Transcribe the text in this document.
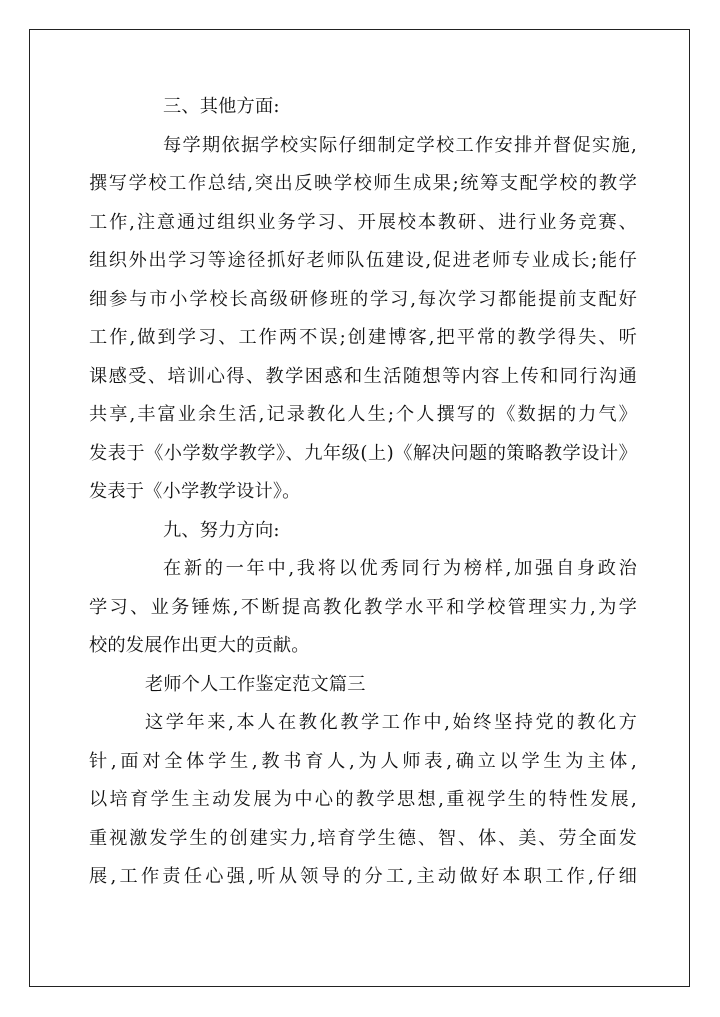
三、其他方面:
每学期依据学校实际仔细制定学校工作安排并督促实施,
撰写学校工作总结,突出反映学校师生成果;统筹支配学校的教学
工作,注意通过组织业务学习、开展校本教研、进行业务竞赛、
组织外出学习等途径抓好老师队伍建设,促进老师专业成长;能仔
细参与市小学校长高级研修班的学习,每次学习都能提前支配好
工作,做到学习、工作两不误;创建博客,把平常的教学得失、听
课感受、培训心得、教学困惑和生活随想等内容上传和同行沟通
共享,丰富业余生活,记录教化人生;个人撰写的《数据的力气》
发表于《小学数学教学》、九年级(上)《解决问题的策略教学设计》
发表于《小学教学设计》。
九、努力方向:
在新的一年中,我将以优秀同行为榜样,加强自身政治
学习、业务锤炼,不断提高教化教学水平和学校管理实力,为学
校的发展作出更大的贡献。
老师个人工作鉴定范文篇三
这学年来,本人在教化教学工作中,始终坚持党的教化方
针,面对全体学生,教书育人,为人师表,确立以学生为主体,
以培育学生主动发展为中心的教学思想,重视学生的特性发展,
重视激发学生的创建实力,培育学生德、智、体、美、劳全面发
展,工作责任心强,听从领导的分工,主动做好本职工作,仔细
